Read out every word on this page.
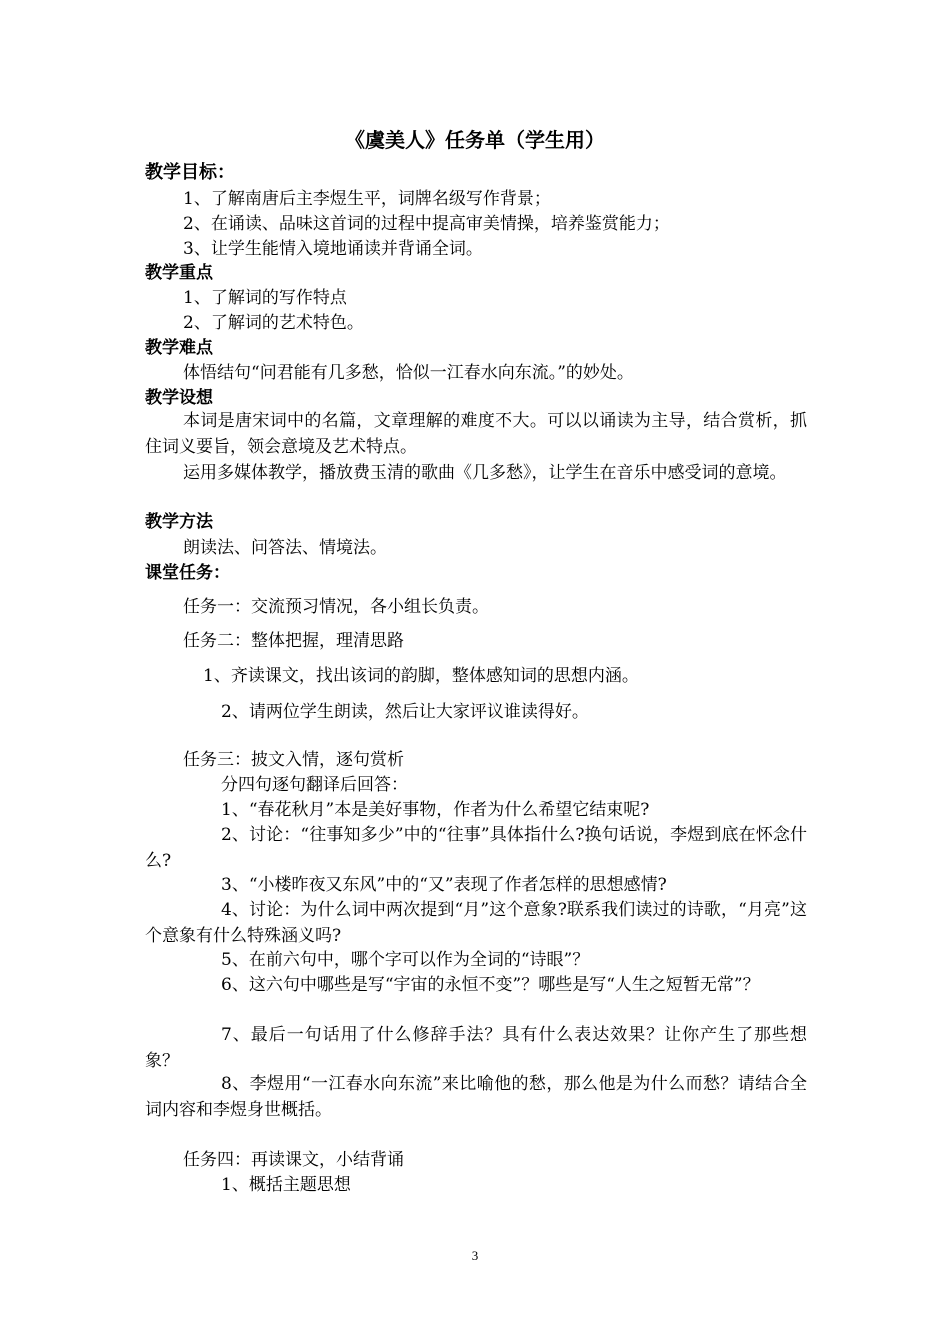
《虞美人》任务单（学生用）
教学目标：
1、了解南唐后主李煜生平，词牌名级写作背景；
2、在诵读、品味这首词的过程中提高审美情操，培养鉴赏能力；
3、让学生能情入境地诵读并背诵全词。
教学重点
1、了解词的写作特点
2、了解词的艺术特色。
教学难点
体悟结句“问君能有几多愁，恰似一江春水向东流。”的妙处。
教学设想
本词是唐宋词中的名篇，文章理解的难度不大。可以以诵读为主导，结合赏析，抓住词义要旨，领会意境及艺术特点。
运用多媒体教学，播放费玉清的歌曲《几多愁》，让学生在音乐中感受词的意境。
教学方法
朗读法、问答法、情境法。
课堂任务：
任务一：交流预习情况，各小组长负责。
任务二：整体把握，理清思路
1、齐读课文，找出该词的韵脚，整体感知词的思想内涵。
2、请两位学生朗读，然后让大家评议谁读得好。
任务三：披文入情，逐句赏析
分四句逐句翻译后回答：
1、“春花秋月”本是美好事物，作者为什么希望它结束呢?
2、讨论：“往事知多少”中的“往事”具体指什么?换句话说，李煜到底在怀念什么?
3、“小楼昨夜又东风”中的“又”表现了作者怎样的思想感情?
4、讨论：为什么词中两次提到“月”这个意象?联系我们读过的诗歌，“月亮”这个意象有什么特殊涵义吗?
5、在前六句中，哪个字可以作为全词的“诗眼”？
6、这六句中哪些是写“宇宙的永恒不变”？哪些是写“人生之短暂无常”？
7、最后一句话用了什么修辞手法？具有什么表达效果？让你产生了那些想象？
8、李煜用“一江春水向东流”来比喻他的愁，那么他是为什么而愁？请结合全词内容和李煜身世概括。
任务四：再读课文，小结背诵
1、概括主题思想
3
